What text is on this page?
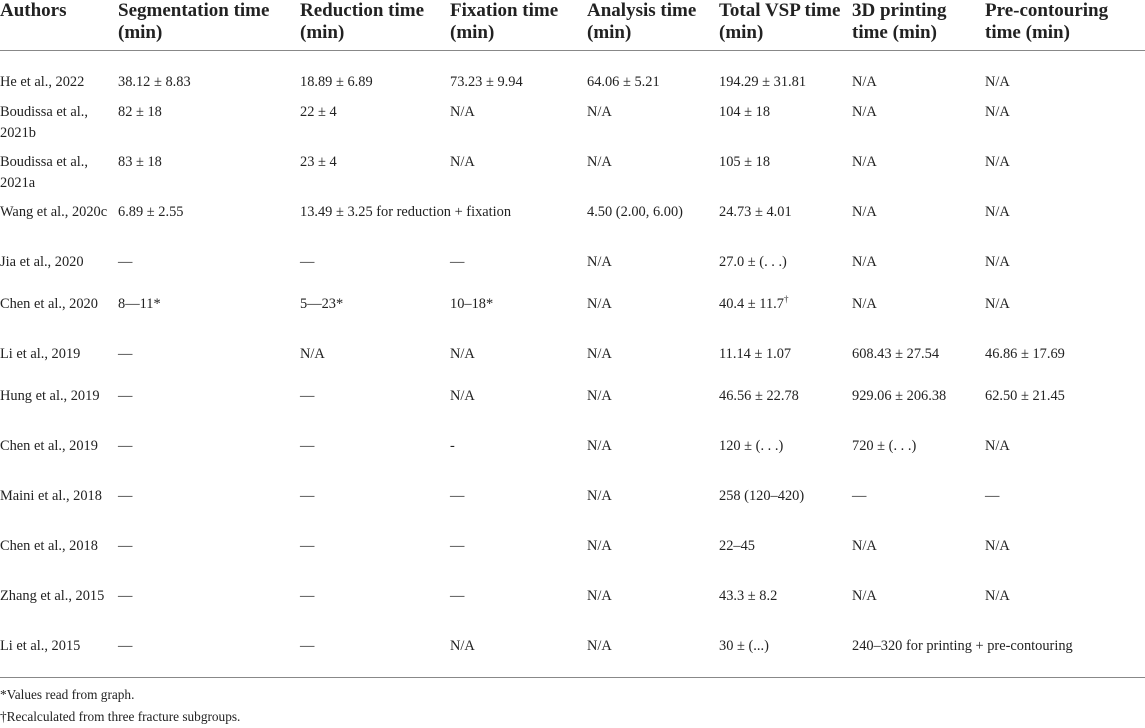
Authors	Segmentation time (min)	Reduction time (min)	Fixation time (min)	Analysis time (min)	Total VSP time (min)	3D printing time (min)	Pre-contouring time (min)
He et al., 2022	38.12 ± 8.83	18.89 ± 6.89	73.23 ± 9.94	64.06 ± 5.21	194.29 ± 31.81	N/A	N/A
Boudissa et al., 2021b	82 ± 18	22 ± 4	N/A	N/A	104 ± 18	N/A	N/A
Boudissa et al., 2021a	83 ± 18	23 ± 4	N/A	N/A	105 ± 18	N/A	N/A
Wang et al., 2020c	6.89 ± 2.55	13.49 ± 3.25 for reduction + fixation		4.50 (2.00, 6.00)	24.73 ± 4.01	N/A	N/A
Jia et al., 2020	—	—	—	N/A	27.0 ± (. . .)	N/A	N/A
Chen et al., 2020	8—11*	5—23*	10–18*	N/A	40.4 ± 11.7†	N/A	N/A
Li et al., 2019	—	N/A	N/A	N/A	11.14 ± 1.07	608.43 ± 27.54	46.86 ± 17.69
Hung et al., 2019	—	—	N/A	N/A	46.56 ± 22.78	929.06 ± 206.38	62.50 ± 21.45
Chen et al., 2019	—	—	-	N/A	120 ± (. . .)	720 ± (. . .)	N/A
Maini et al., 2018	—	—	—	N/A	258 (120–420)	—	—
Chen et al., 2018	—	—	—	N/A	22–45	N/A	N/A
Zhang et al., 2015	—	—	—	N/A	43.3 ± 8.2	N/A	N/A
Li et al., 2015	—	—	N/A	N/A	30 ± (...)	240–320 for printing + pre-contouring	
*Values read from graph.
†Recalculated from three fracture subgroups.
